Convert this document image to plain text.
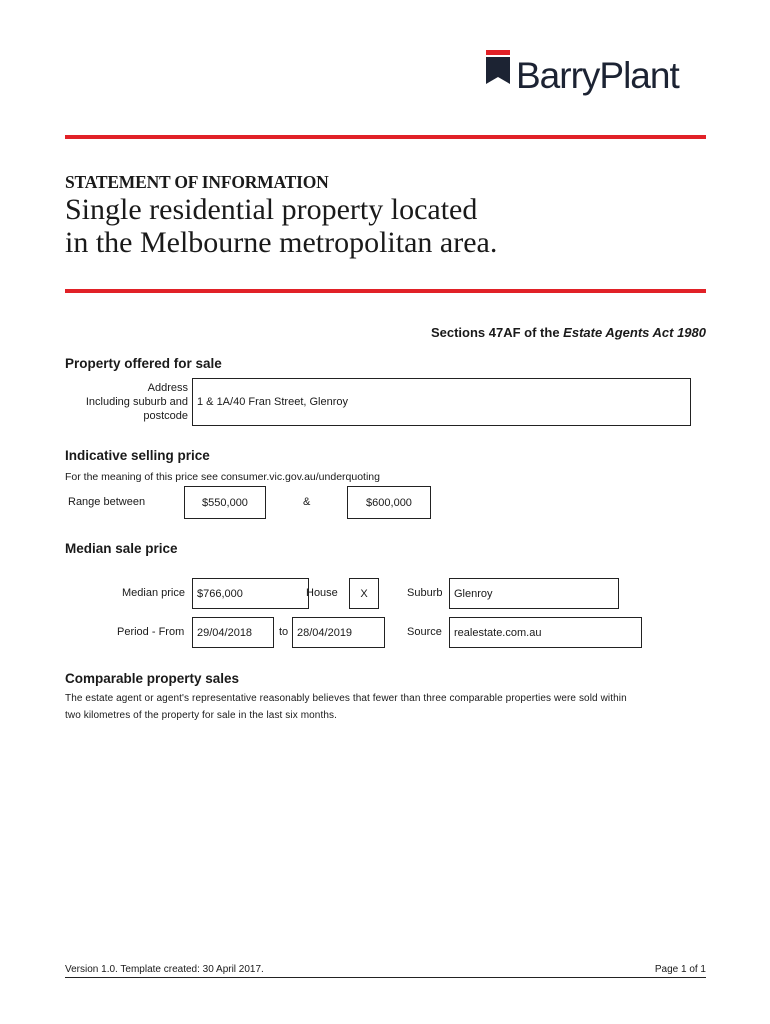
BarryPlant
STATEMENT OF INFORMATION
Single residential property located
in the Melbourne metropolitan area.
Sections 47AF of the Estate Agents Act 1980
Property offered for sale
Address
Including suburb and
postcode
1 & 1A/40 Fran Street, Glenroy
Indicative selling price
For the meaning of this price see consumer.vic.gov.au/underquoting
Range between	$550,000	&	$600,000
Median sale price
Median price	$766,000	House	X	Suburb	Glenroy
Period - From	29/04/2018	to 28/04/2019	Source	realestate.com.au
Comparable property sales
The estate agent or agent's representative reasonably believes that fewer than three comparable properties were sold within
two kilometres of the property for sale in the last six months.
Version 1.0. Template created: 30 April 2017.	Page 1 of 1
